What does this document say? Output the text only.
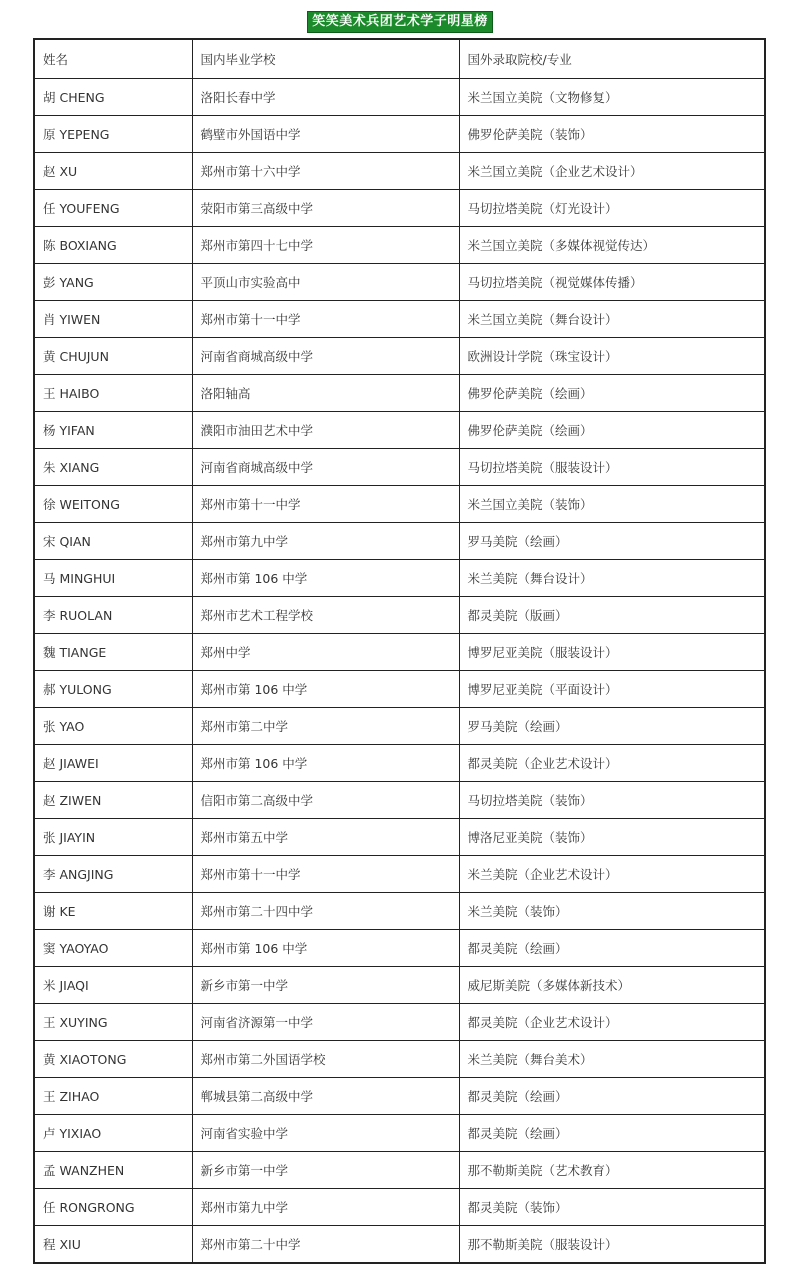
笑笑美术兵团艺术学子明星榜
姓名	国内毕业学校	国外录取院校/专业
胡 CHENG	洛阳长春中学	米兰国立美院（文物修复）
原 YEPENG	鹤壁市外国语中学	佛罗伦萨美院（装饰）
赵 XU	郑州市第十六中学	米兰国立美院（企业艺术设计）
任 YOUFENG	荥阳市第三高级中学	马切拉塔美院（灯光设计）
陈 BOXIANG	郑州市第四十七中学	米兰国立美院（多媒体视觉传达）
彭 YANG	平顶山市实验高中	马切拉塔美院（视觉媒体传播）
肖 YIWEN	郑州市第十一中学	米兰国立美院（舞台设计）
黄 CHUJUN	河南省商城高级中学	欧洲设计学院（珠宝设计）
王 HAIBO	洛阳轴高	佛罗伦萨美院（绘画）
杨 YIFAN	濮阳市油田艺术中学	佛罗伦萨美院（绘画）
朱 XIANG	河南省商城高级中学	马切拉塔美院（服装设计）
徐 WEITONG	郑州市第十一中学	米兰国立美院（装饰）
宋 QIAN	郑州市第九中学	罗马美院（绘画）
马 MINGHUI	郑州市第 106 中学	米兰美院（舞台设计）
李 RUOLAN	郑州市艺术工程学校	都灵美院（版画）
魏 TIANGE	郑州中学	博罗尼亚美院（服装设计）
郝 YULONG	郑州市第 106 中学	博罗尼亚美院（平面设计）
张 YAO	郑州市第二中学	罗马美院（绘画）
赵 JIAWEI	郑州市第 106 中学	都灵美院（企业艺术设计）
赵 ZIWEN	信阳市第二高级中学	马切拉塔美院（装饰）
张 JIAYIN	郑州市第五中学	博洛尼亚美院（装饰）
李 ANGJING	郑州市第十一中学	米兰美院（企业艺术设计）
谢 KE	郑州市第二十四中学	米兰美院（装饰）
窦 YAOYAO	郑州市第 106 中学	都灵美院（绘画）
米 JIAQI	新乡市第一中学	威尼斯美院（多媒体新技术）
王 XUYING	河南省济源第一中学	都灵美院（企业艺术设计）
黄 XIAOTONG	郑州市第二外国语学校	米兰美院（舞台美术）
王 ZIHAO	郸城县第二高级中学	都灵美院（绘画）
卢 YIXIAO	河南省实验中学	都灵美院（绘画）
孟 WANZHEN	新乡市第一中学	那不勒斯美院（艺术教育）
任 RONGRONG	郑州市第九中学	都灵美院（装饰）
程 XIU	郑州市第二十中学	那不勒斯美院（服装设计）
